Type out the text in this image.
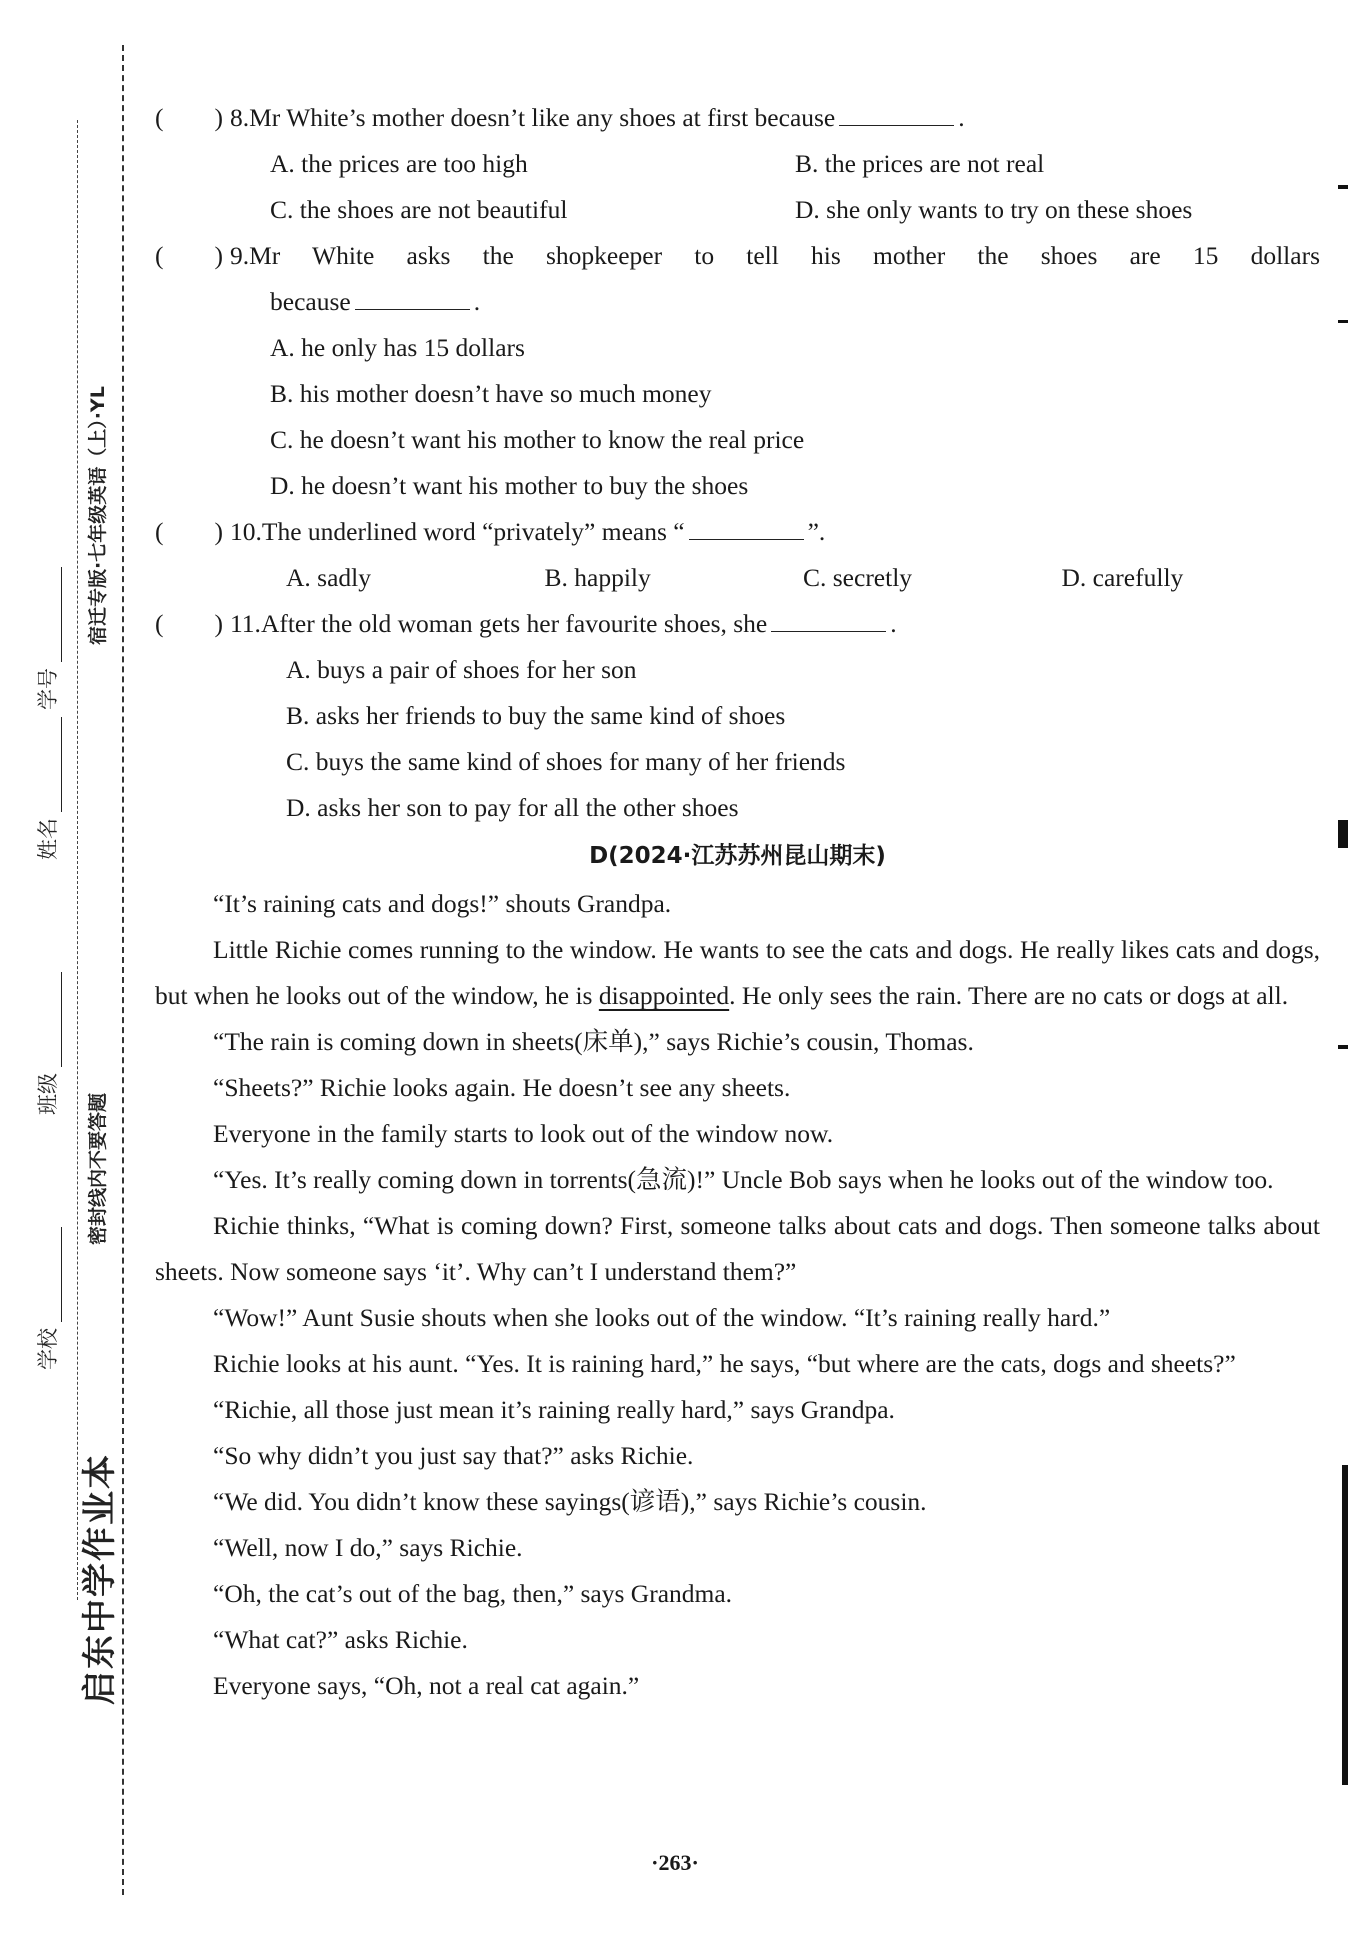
启东中学作业本
密封线内不要答题
宿迁专版·七年级英语（上）·YL
学校
班级
姓名
学号
(        ) 8. Mr White’s mother doesn’t like any shoes at first because	.
A. the prices are too high	B. the prices are not real
C. the shoes are not beautiful	D. she only wants to try on these shoes
(        ) 9. Mr White asks the shopkeeper to tell his mother the shoes are 15 dollars
because	.
A. he only has 15 dollars
B. his mother doesn’t have so much money
C. he doesn’t want his mother to know the real price
D. he doesn’t want his mother to buy the shoes
(        ) 10. The underlined word “privately” means “	”.
A. sadly	B. happily	C. secretly	D. carefully
(        ) 11. After the old woman gets her favourite shoes, she	.
A. buys a pair of shoes for her son
B. asks her friends to buy the same kind of shoes
C. buys the same kind of shoes for many of her friends
D. asks her son to pay for all the other shoes
D(2024·江苏苏州昆山期末)

“It’s raining cats and dogs!” shouts Grandpa.

Little Richie comes running to the window. He wants to see the cats and dogs. He really likes cats and dogs, but when he looks out of the window, he is disappointed. He only sees the rain. There are no cats or dogs at all.

“The rain is coming down in sheets(床单),” says Richie’s cousin, Thomas.

“Sheets?” Richie looks again. He doesn’t see any sheets.

Everyone in the family starts to look out of the window now.

“Yes. It’s really coming down in torrents(急流)!” Uncle Bob says when he looks out of the window too.

Richie thinks, “What is coming down? First, someone talks about cats and dogs. Then someone talks about sheets. Now someone says ‘it’. Why can’t I understand them?”

“Wow!” Aunt Susie shouts when she looks out of the window. “It’s raining really hard.”

Richie looks at his aunt. “Yes. It is raining hard,” he says, “but where are the cats, dogs and sheets?”

“Richie, all those just mean it’s raining really hard,” says Grandpa.

“So why didn’t you just say that?” asks Richie.

“We did. You didn’t know these sayings(谚语),” says Richie’s cousin.

“Well, now I do,” says Richie.

“Oh, the cat’s out of the bag, then,” says Grandma.

“What cat?” asks Richie.

Everyone says, “Oh, not a real cat again.”

·263·
